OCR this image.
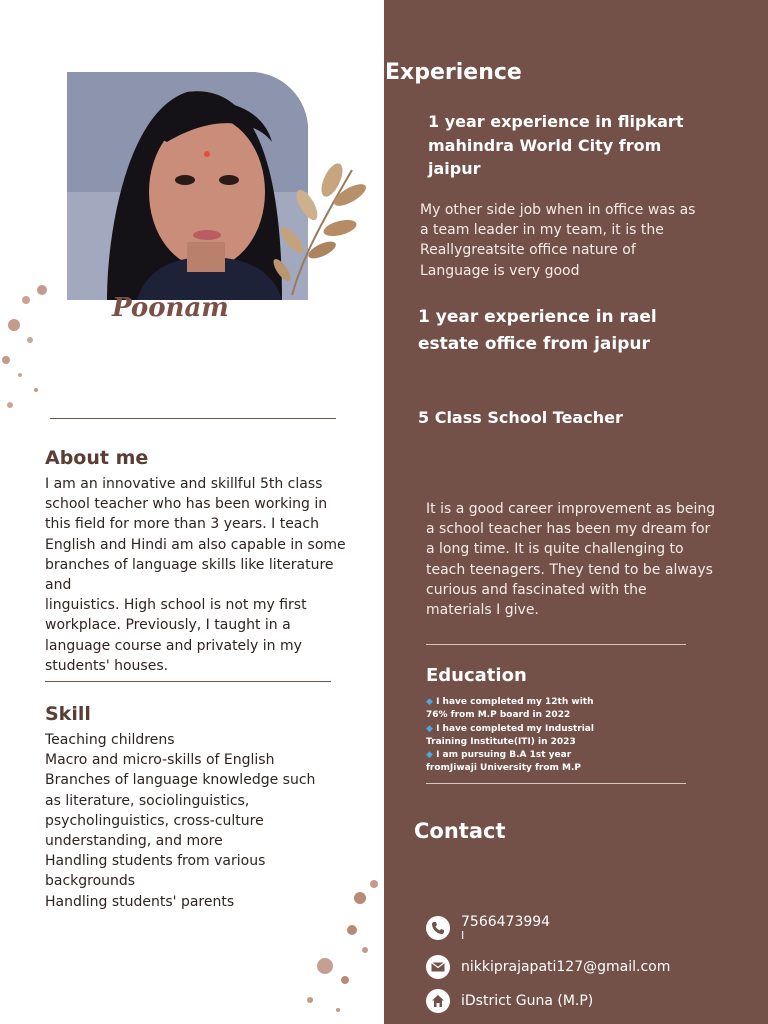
Poonam
About me
I am an innovative and skillful 5th class
school teacher who has been working in
this field for more than 3 years. I teach
English and Hindi am also capable in some
branches of language skills like literature
and
linguistics. High school is not my first
workplace. Previously, I taught in a
language course and privately in my
students' houses.
Skill
Teaching childrens
Macro and micro-skills of English
Branches of language knowledge such
as literature, sociolinguistics,
psycholinguistics, cross-culture
understanding, and more
Handling students from various
backgrounds
Handling students' parents
Experience
1 year experience in flipkart
mahindra World City from
jaipur
My other side job when in office was as
a team leader in my team, it is the
Reallygreatsite office nature of
Language is very good
1 year experience in rael
estate office from jaipur
5 Class School Teacher
It is a good career improvement as being
a school teacher has been my dream for
a long time. It is quite challenging to
teach teenagers. They tend to be always
curious and fascinated with the
materials I give.
Education
◆ I have completed my 12th with
76% from M.P board in 2022
◆ I have completed my Industrial
Training Institute(ITI) in 2023
◆ I am pursuing B.A 1st year
fromJiwaji University from M.P
Contact
7566473994
I
nikkiprajapati127@gmail.com
iDstrict Guna (M.P)
